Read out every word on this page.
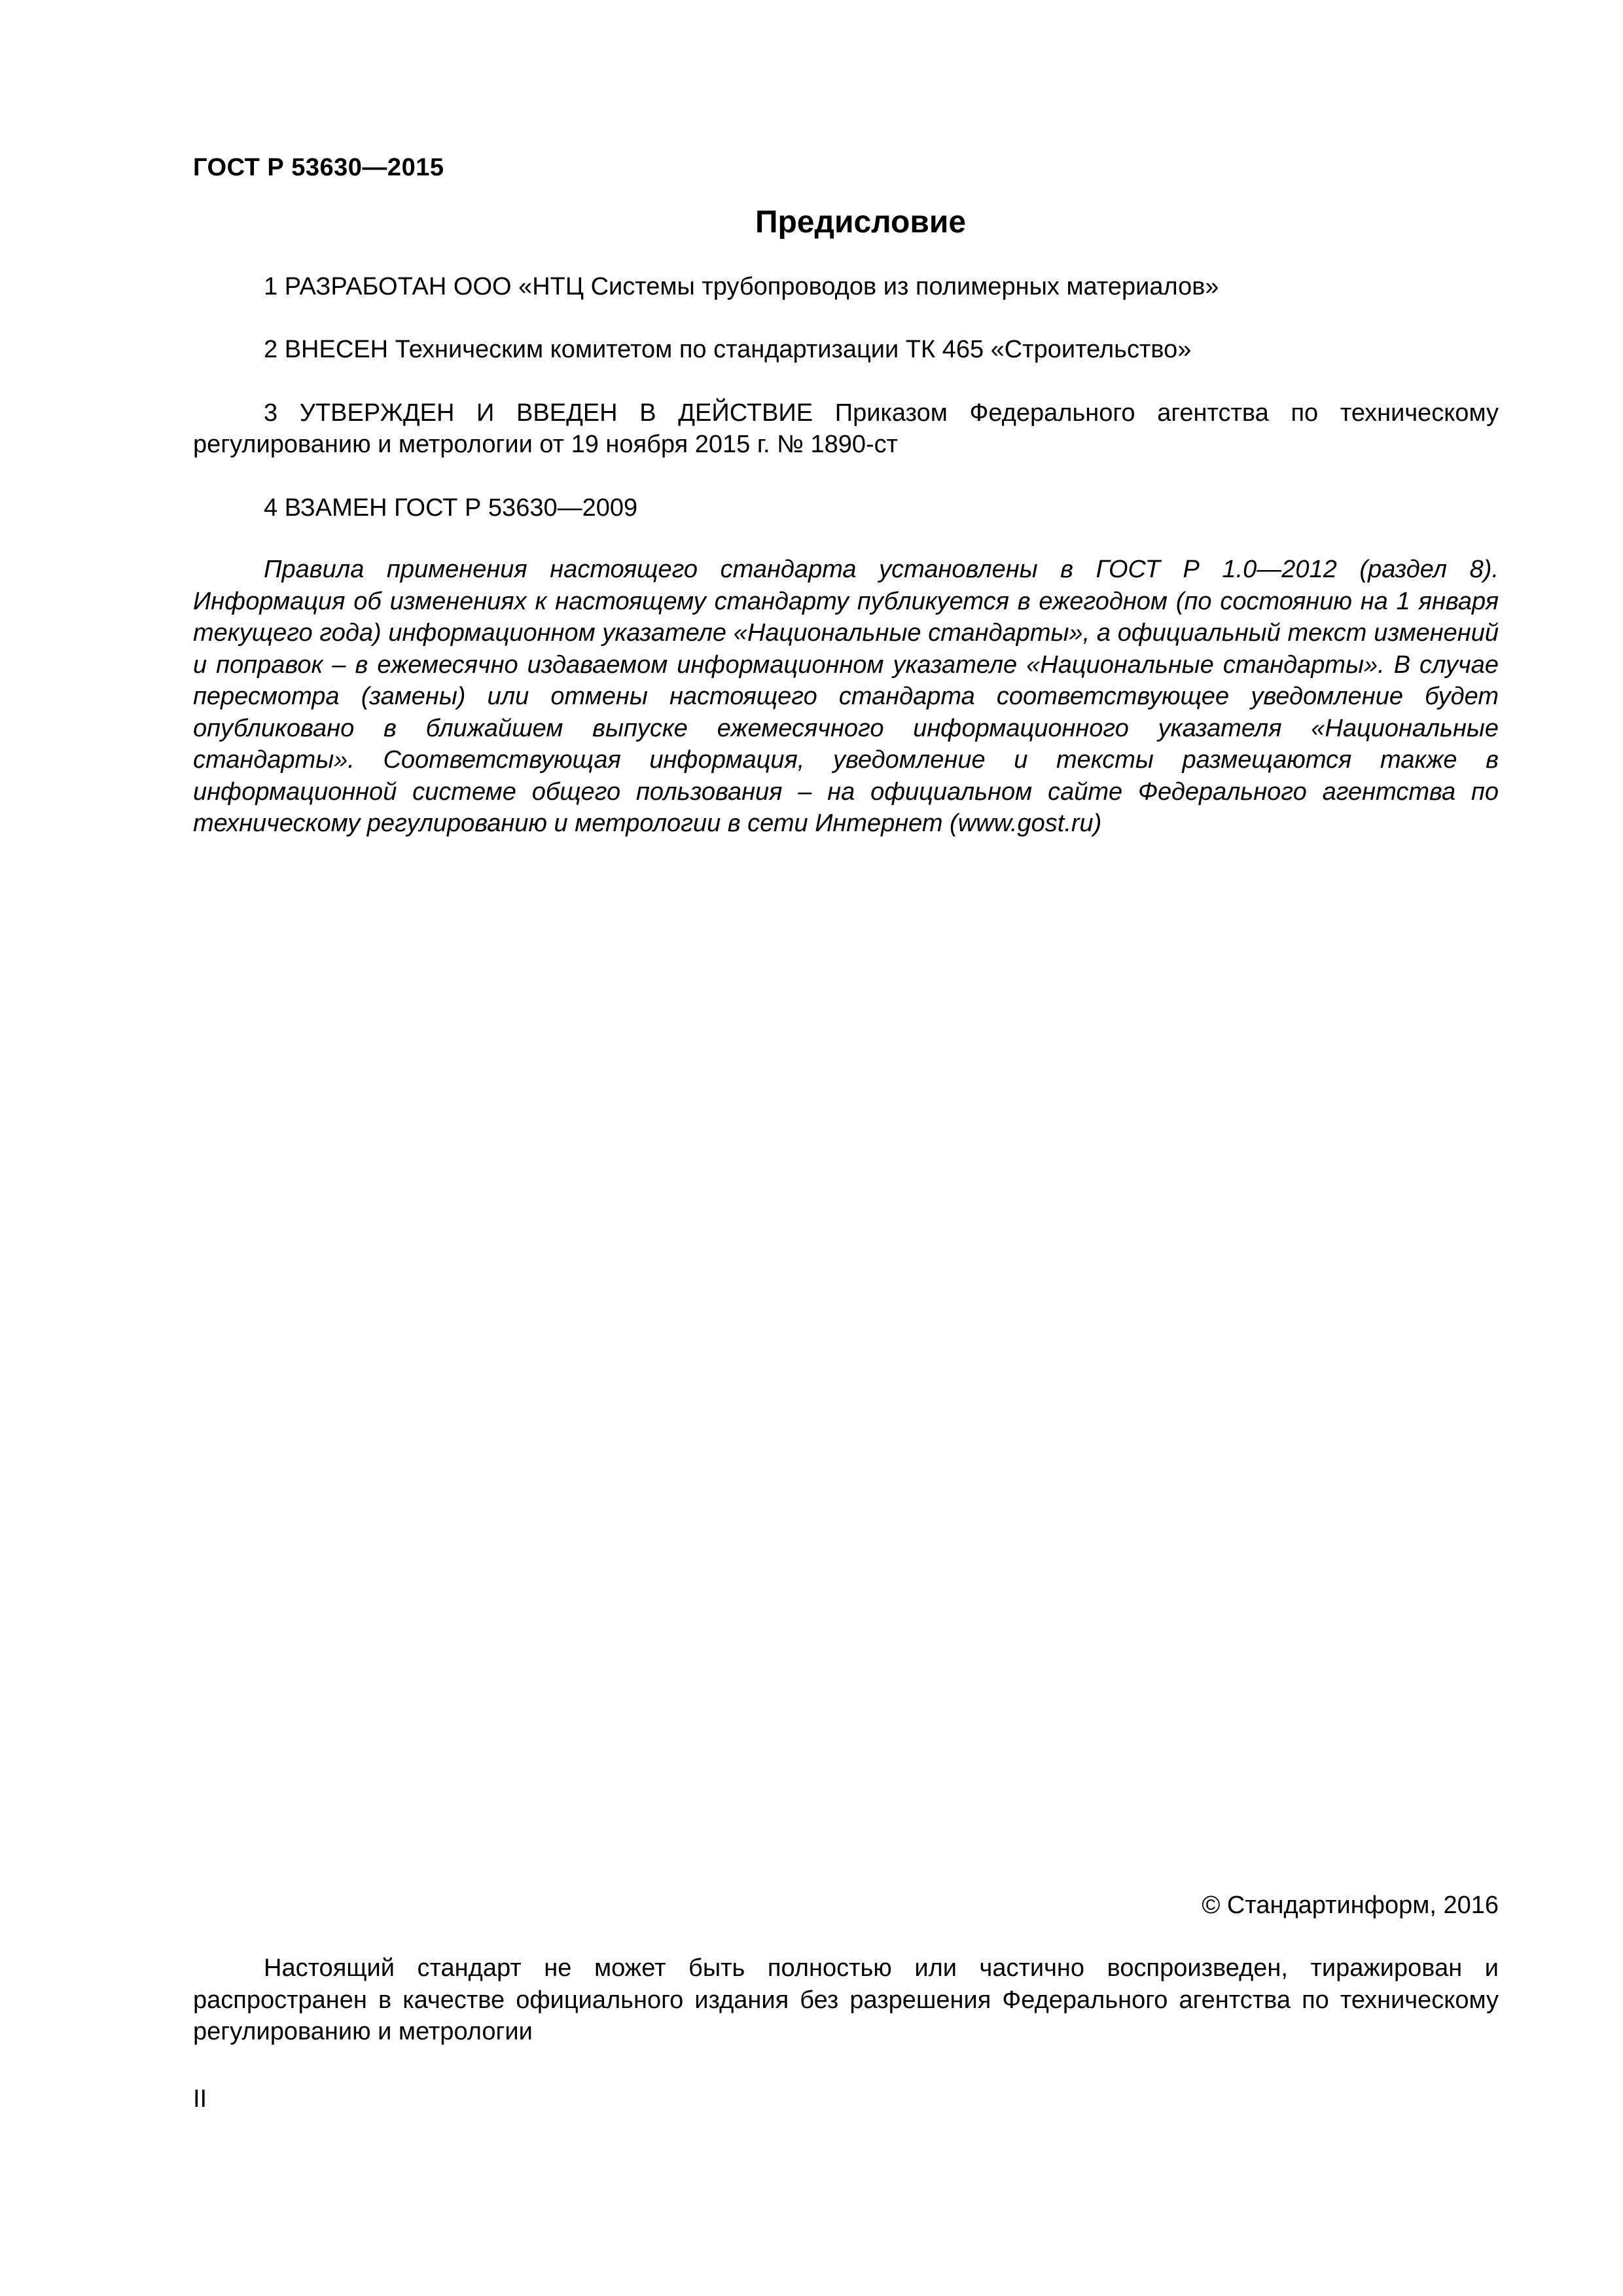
ГОСТ Р 53630—2015
Предисловие

1 РАЗРАБОТАН ООО «НТЦ Системы трубопроводов из полимерных материалов»

2 ВНЕСЕН Техническим комитетом по стандартизации ТК 465 «Строительство»

3 УТВЕРЖДЕН И ВВЕДЕН В ДЕЙСТВИЕ Приказом Федерального агентства по техническому регулированию и метрологии от 19 ноября 2015 г. № 1890-ст

4 ВЗАМЕН ГОСТ Р 53630—2009

Правила применения настоящего стандарта установлены в ГОСТ Р 1.0—2012 (раздел 8). Информация об изменениях к настоящему стандарту публикуется в ежегодном (по состоянию на 1 января текущего года) информационном указателе «Национальные стандарты», а официальный текст изменений и поправок – в ежемесячно издаваемом информационном указателе «Национальные стандарты». В случае пересмотра (замены) или отмены настоящего стандарта соответствующее уведомление будет опубликовано в ближайшем выпуске ежемесячного информационного указателя «Национальные стандарты». Соответствующая информация, уведомление и тексты размещаются также в информационной системе общего пользования – на официальном сайте Федерального агентства по техническому регулированию и метрологии в сети Интернет (www.gost.ru)

© Стандартинформ, 2016

Настоящий стандарт не может быть полностью или частично воспроизведен, тиражирован и распространен в качестве официального издания без разрешения Федерального агентства по техническому регулированию и метрологии

II
